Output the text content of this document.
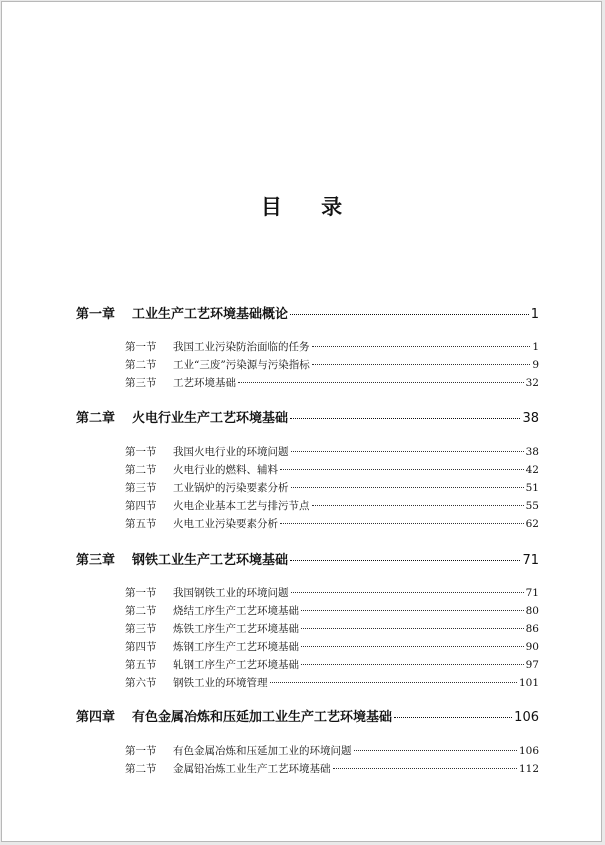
目 录
第一章	工业生产工艺环境基础概论	1
第一节	我国工业污染防治面临的任务	1
第二节	工业“三废”污染源与污染指标	9
第三节	工艺环境基础	32
第二章	火电行业生产工艺环境基础	38
第一节	我国火电行业的环境问题	38
第二节	火电行业的燃料、辅料	42
第三节	工业锅炉的污染要素分析	51
第四节	火电企业基本工艺与排污节点	55
第五节	火电工业污染要素分析	62
第三章	钢铁工业生产工艺环境基础	71
第一节	我国钢铁工业的环境问题	71
第二节	烧结工序生产工艺环境基础	80
第三节	炼铁工序生产工艺环境基础	86
第四节	炼钢工序生产工艺环境基础	90
第五节	轧钢工序生产工艺环境基础	97
第六节	钢铁工业的环境管理	101
第四章	有色金属冶炼和压延加工业生产工艺环境基础	106
第一节	有色金属冶炼和压延加工业的环境问题	106
第二节	金属铅冶炼工业生产工艺环境基础	112
